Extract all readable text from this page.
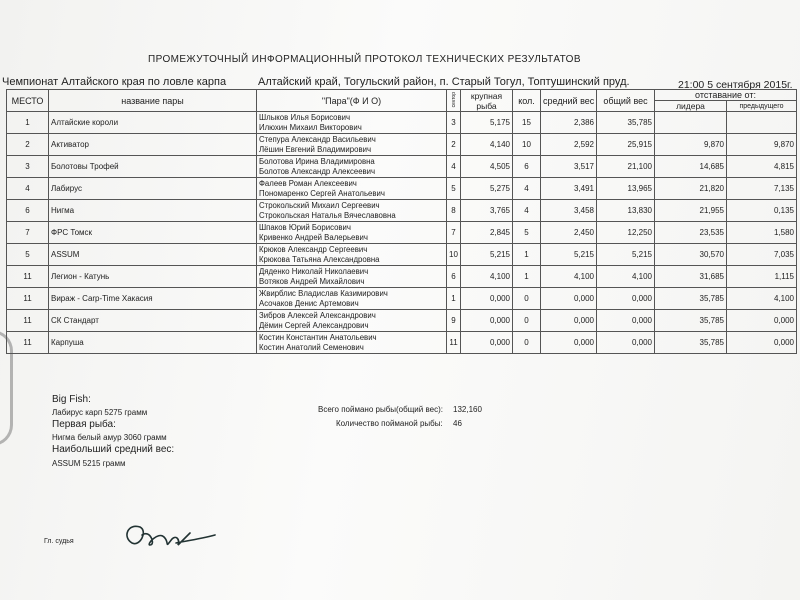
ПРОМЕЖУТОЧНЫЙ ИНФОРМАЦИОННЫЙ ПРОТОКОЛ ТЕХНИЧЕСКИХ РЕЗУЛЬТАТОВ
Чемпионат Алтайского края по ловле карпа	Алтайский край, Тогульский район, п. Старый Тогул, Топтушинский пруд.	21:00 5 сентября 2015г.
МЕСТО	название пары	"Пара"(Ф И О)	сектор	крупная рыба	кол.	средний вес	общий вес	отставание от:	
								лидера	предыдущего
1	Алтайские короли	Шлыков Илья Борисович
Илюхин Михаил Викторович	3	5,175	15	2,386	35,785		
2	Активатор	Степура Александр Васильевич
Лёшин Евгений Владимирович	2	4,140	10	2,592	25,915	9,870	9,870
3	Болотовы Трофей	Болотова Ирина Владимировна
Болотов Александр Алексеевич	4	4,505	6	3,517	21,100	14,685	4,815
4	Лабирус	Фалеев Роман Алексеевич
Пономаренко Сергей Анатольевич	5	5,275	4	3,491	13,965	21,820	7,135
6	Нигма	Строкольский Михаил Сергеевич
Строкольская Наталья Вячеславовна	8	3,765	4	3,458	13,830	21,955	0,135
7	ФРС Томск	Шпаков Юрий Борисович
Кривенко Андрей Валерьевич	7	2,845	5	2,450	12,250	23,535	1,580
5	ASSUM	Крюков Александр Сергеевич
Крюкова Татьяна Александровна	10	5,215	1	5,215	5,215	30,570	7,035
11	Легион - Катунь	Дяденко Николай Николаевич
Вотяков Андрей Михайлович	6	4,100	1	4,100	4,100	31,685	1,115
11	Вираж - Carp-Time Хакасия	Жвирблис Владислав Казимирович
Асочаков Денис Артемович	1	0,000	0	0,000	0,000	35,785	4,100
11	СК Стандарт	Зибров Алексей Александрович
Дёмин Сергей Александрович	9	0,000	0	0,000	0,000	35,785	0,000
11	Карпуша	Костин Константин Анатольевич
Костин Анатолий Семенович	11	0,000	0	0,000	0,000	35,785	0,000
Big Fish:
Лабирус карп 5275 грамм
Первая рыба:
Нигма белый амур 3060 грамм
Наибольший средний вес:
ASSUM 5215 грамм
Всего поймано рыбы(общий вес): 132,160
Количество пойманой рыбы: 46
Гл. судья
